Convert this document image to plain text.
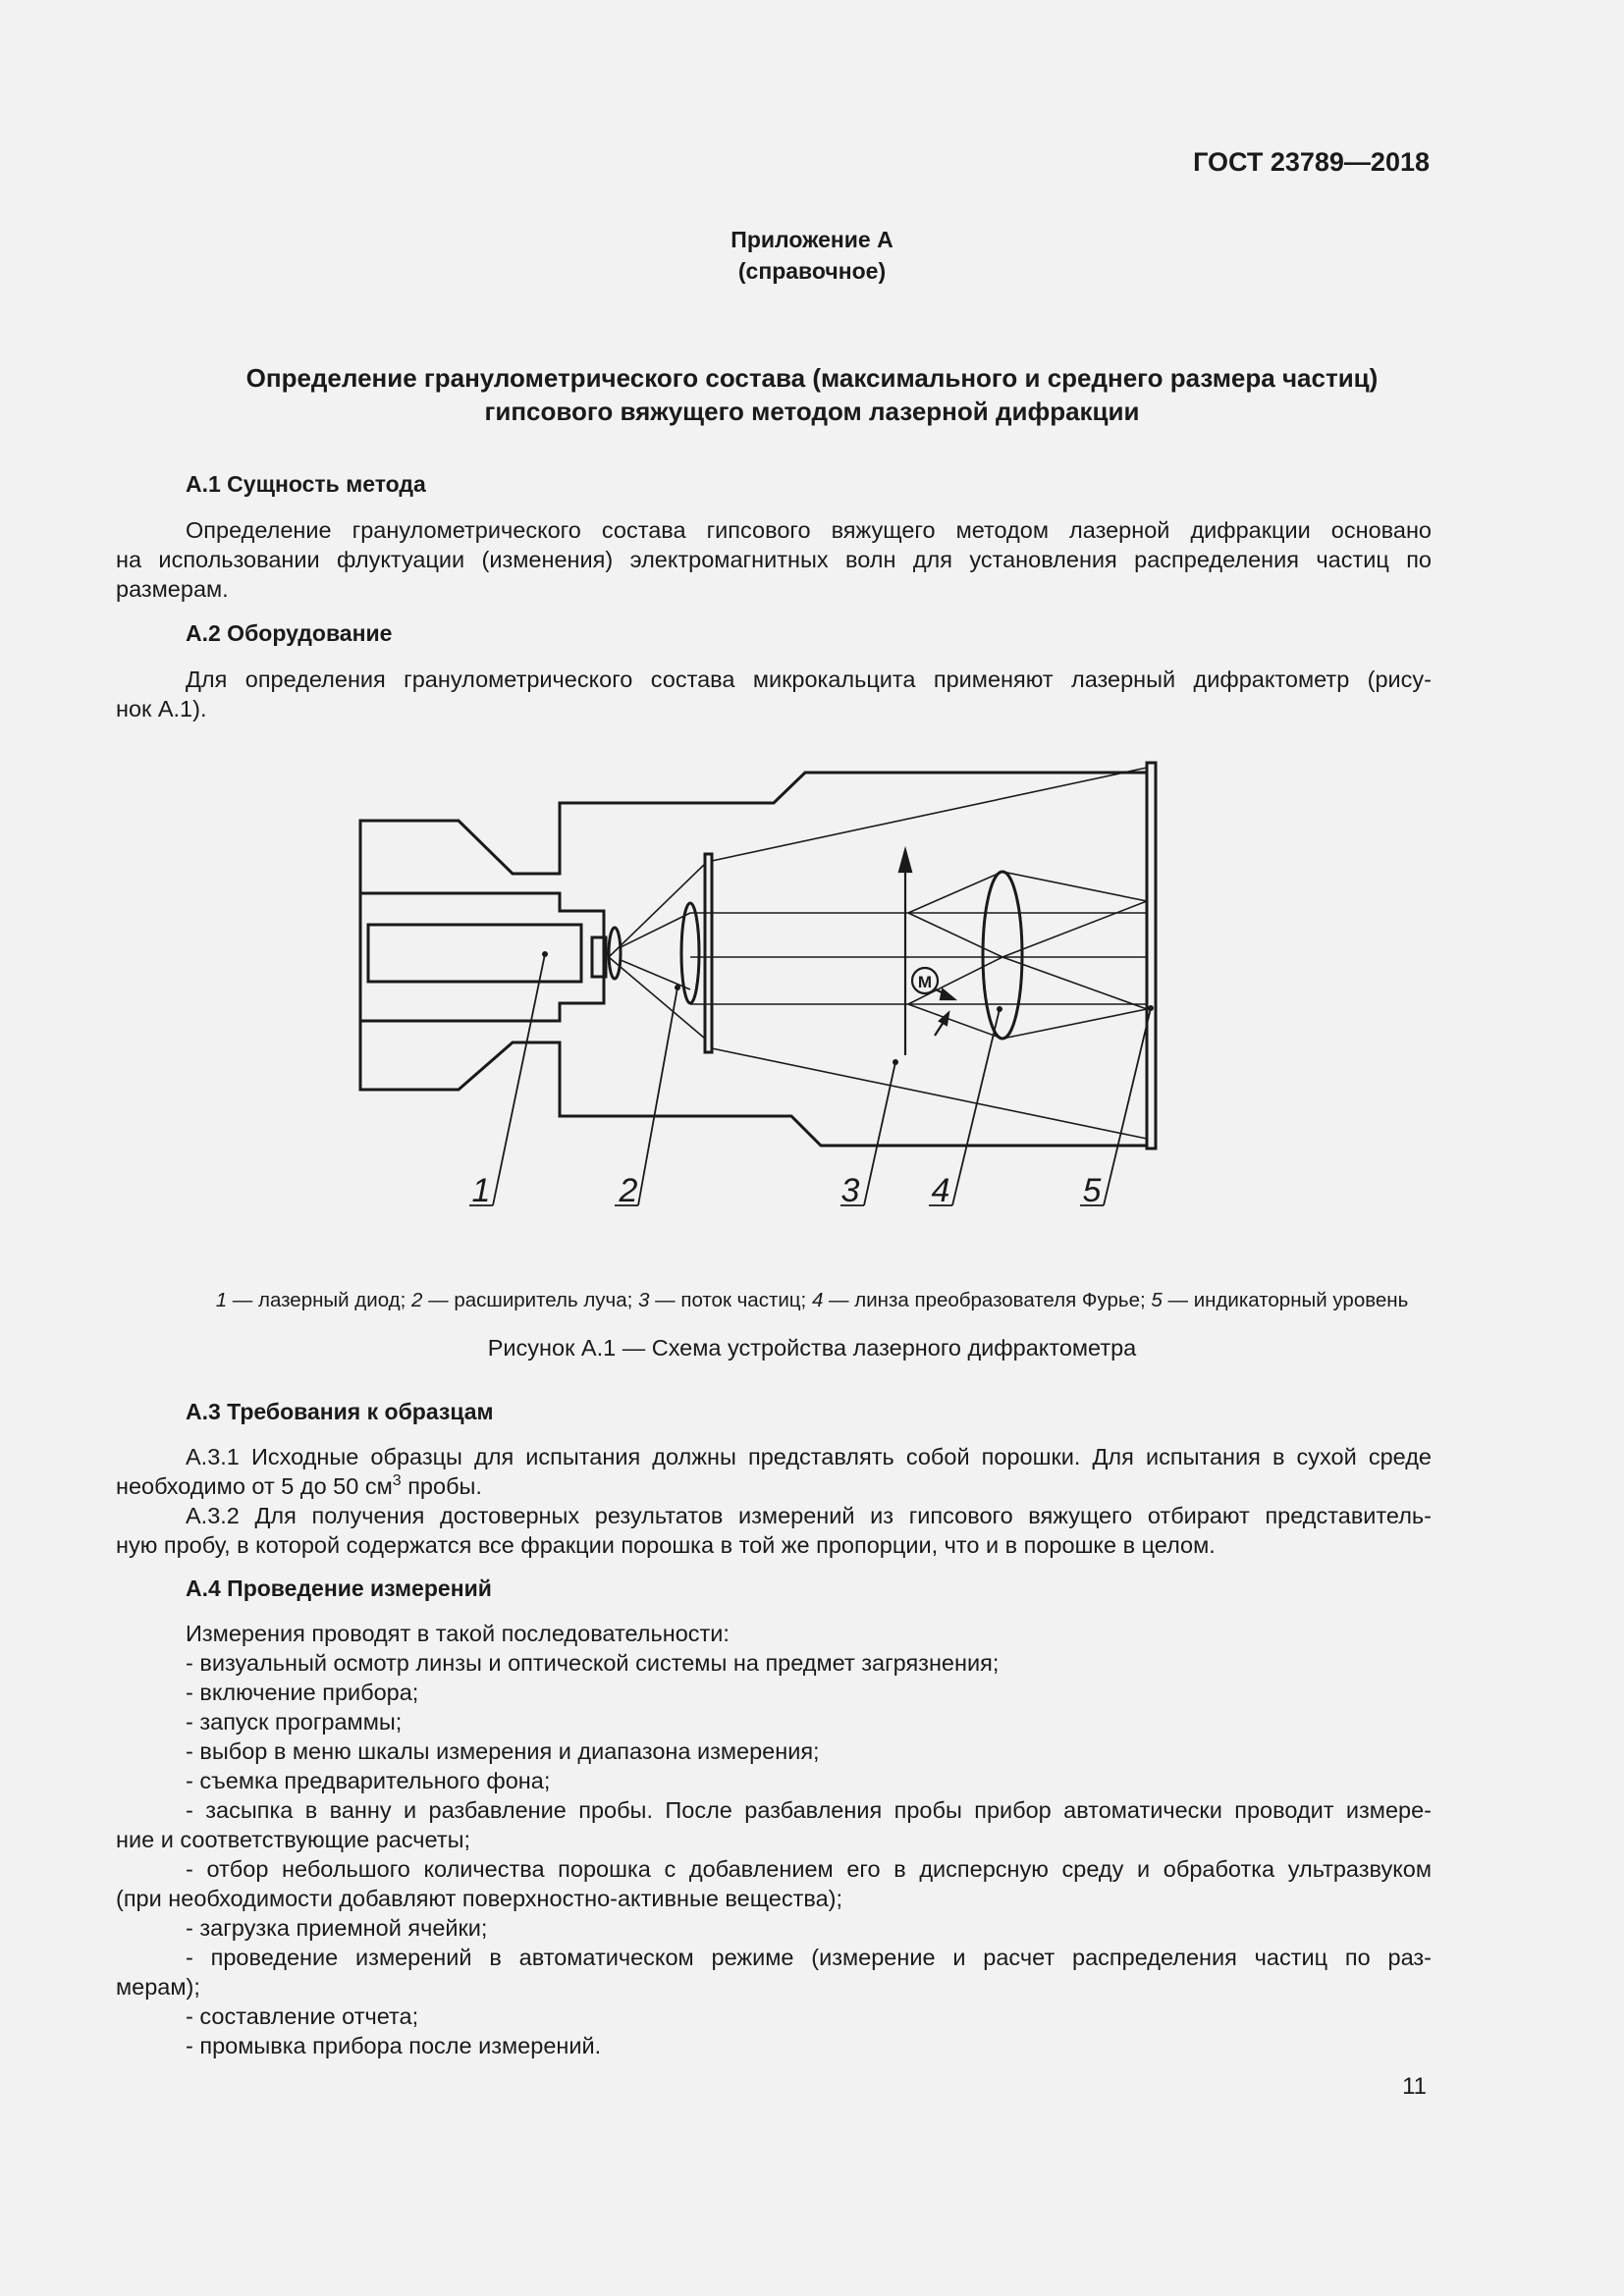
ГОСТ 23789—2018
Приложение А
(справочное)
Определение гранулометрического состава (максимального и среднего размера частиц)
гипсового вяжущего методом лазерной дифракции
А.1 Сущность метода
Определение гранулометрического состава гипсового вяжущего методом лазерной дифракции основано
на использовании флуктуации (изменения) электромагнитных волн для установления распределения частиц по
размерам.
А.2 Оборудование
Для определения гранулометрического состава микрокальцита применяют лазерный дифрактометр (рису-
нок А.1).
M
1	2	3 4	5
1 — лазерный диод; 2 — расширитель луча; 3 — поток частиц; 4 — линза преобразователя Фурье; 5 — индикаторный уровень
Рисунок А.1 — Схема устройства лазерного дифрактометра
А.3 Требования к образцам
А.3.1 Исходные образцы для испытания должны представлять собой порошки. Для испытания в сухой среде
необходимо от 5 до 50 $см^3$ пробы.
А.3.2 Для получения достоверных результатов измерений из гипсового вяжущего отбирают представитель-
ную пробу, в которой содержатся все фракции порошка в той же пропорции, что и в порошке в целом.
А.4 Проведение измерений
Измерения проводят в такой последовательности:
- визуальный осмотр линзы и оптической системы на предмет загрязнения;
- включение прибора;
- запуск программы;
- выбор в меню шкалы измерения и диапазона измерения;
- съемка предварительного фона;
- засыпка в ванну и разбавление пробы. После разбавления пробы прибор автоматически проводит измере-
ние и соответствующие расчеты;
- отбор небольшого количества порошка с добавлением его в дисперсную среду и обработка ультразвуком
(при необходимости добавляют поверхностно-активные вещества);
- загрузка приемной ячейки;
- проведение измерений в автоматическом режиме (измерение и расчет распределения частиц по раз-
мерам);
- составление отчета;
- промывка прибора после измерений.
11
